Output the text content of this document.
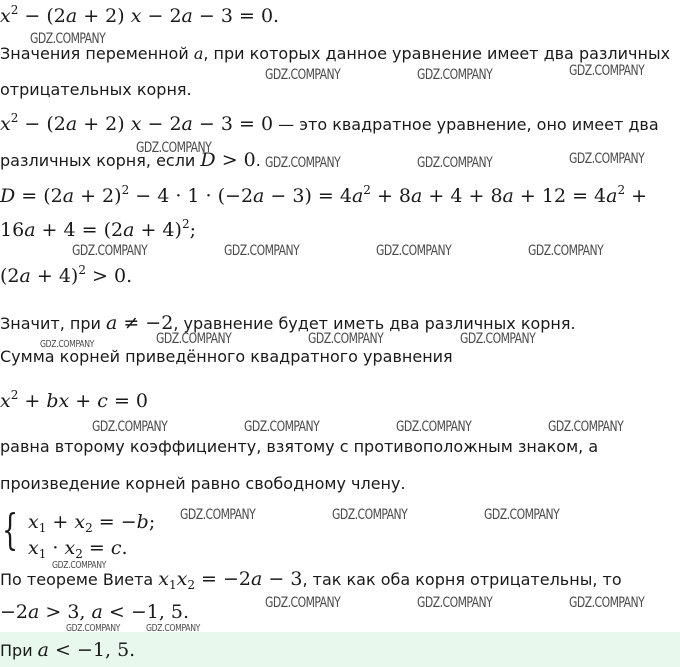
$x^2 - (2a + 2) x - 2a - 3 = 0$.
Значения переменной a, при которых данное уравнение имеет два различных
отрицательных корня.
$x^2 - (2a + 2) x - 2a - 3 = 0$ — это квадратное уравнение, оно имеет два
различных корня, если D > 0.
$D = (2a + 2)^2 - 4 \cdot 1 \cdot (-2a - 3) = 4a^2 + 8a + 4 + 8a + 12 = 4a^2$ +
$16a + 4 = (2a + 4)^2$;
$(2a + 4)^2 > 0$.
Значит, при a ≠ −2, уравнение будет иметь два различных корня.
Сумма корней приведённого квадратного уравнения
$x^2$ + bx + c = 0
равна второму коэффициенту, взятому с противоположным знаком, а
произведение корней равно свободному члену.
{ $x_1 + x_2 = -b$;
$x_1 \cdot x_2 = c$.
По теореме Виета $x_1x_2 = -2a - 3$, так как оба корня отрицательны, то
−2a > 3, a < −1, 5.
При a < −1, 5.
GDZ.COMPANY
GDZ.COMPANY	GDZ.COMPANY	GDZ.COMPANY
GDZ.COMPANY
GDZ.COMPANY	GDZ.COMPANY	GDZ.COMPANY
GDZ.COMPANY	GDZ.COMPANY	GDZ.COMPANY	GDZ.COMPANY
GDZ.COMPANY	GDZ.COMPANY	GDZ.COMPANY	GDZ.COMPANY
GDZ.COMPANY	GDZ.COMPANY	GDZ.COMPANY	GDZ.COMPANY
GDZ.COMPANY	GDZ.COMPANY	GDZ.COMPANY
GDZ.COMPANY
GDZ.COMPANY	GDZ.COMPANY	GDZ.COMPANY
GDZ.COMPANY	GDZ.COMPANY
